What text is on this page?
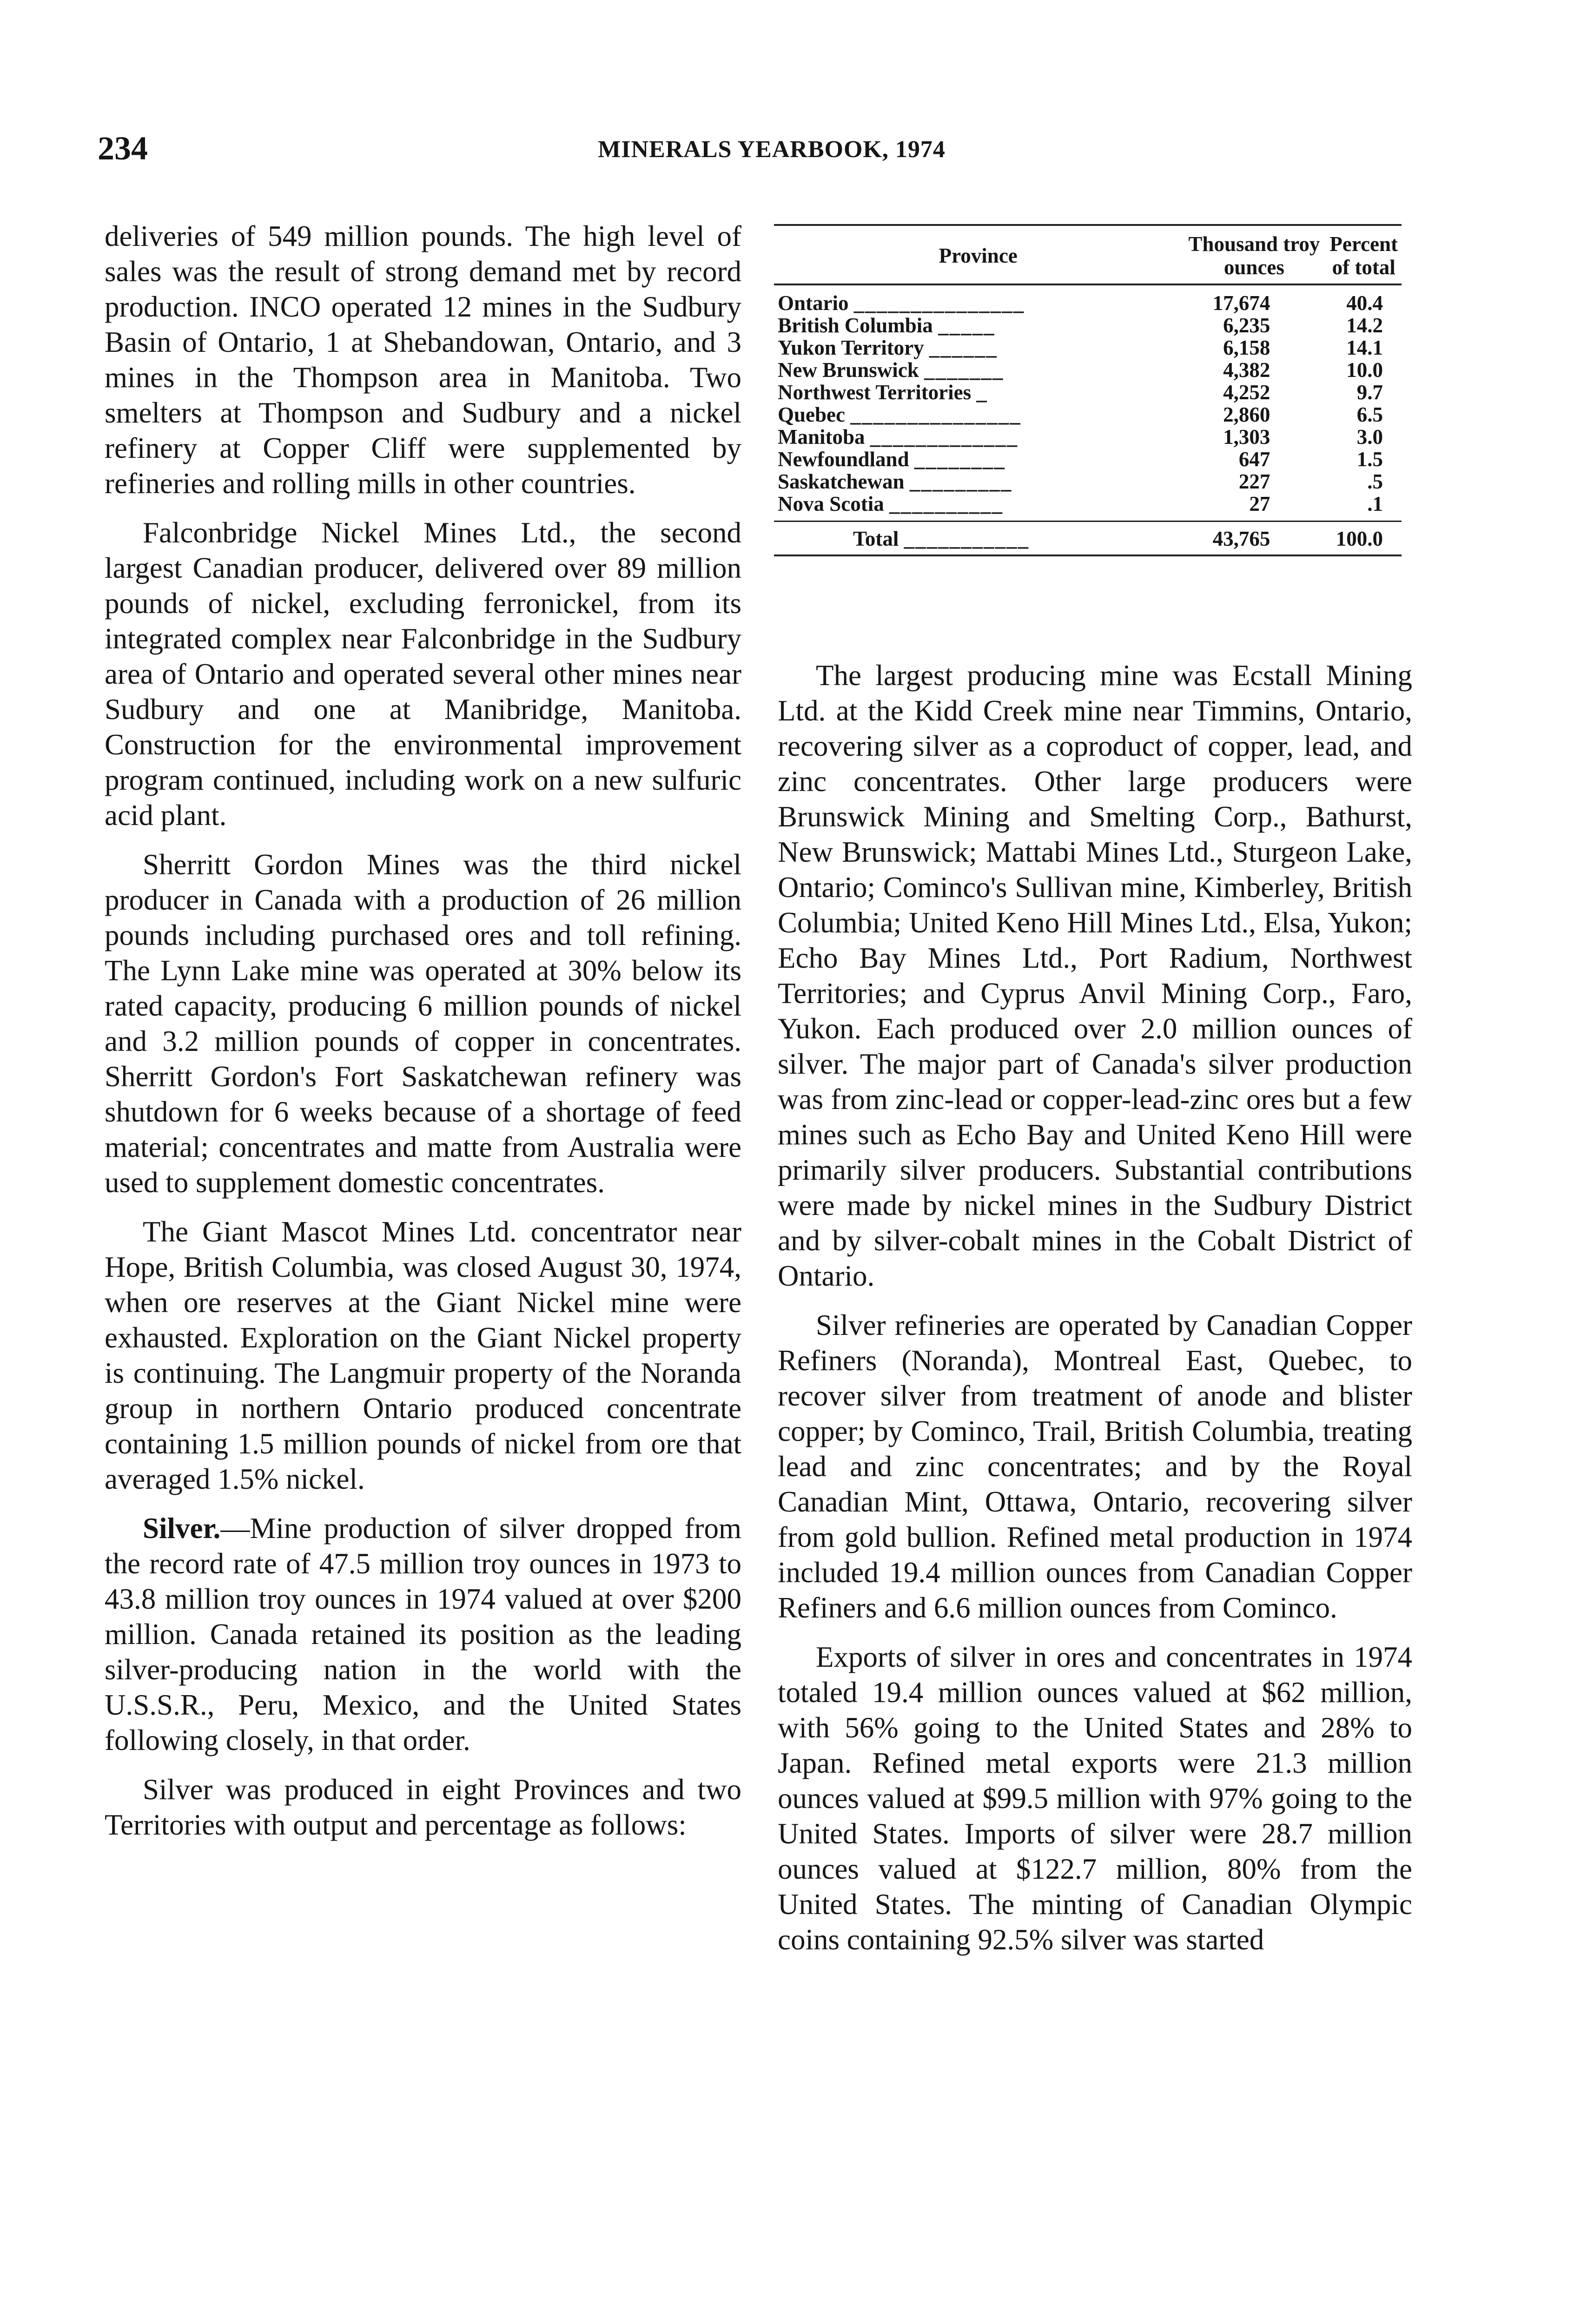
234	MINERALS YEARBOOK, 1974

deliveries of 549 million pounds. The high level of sales was the result of strong demand met by record production. INCO operated 12 mines in the Sudbury Basin of Ontario, 1 at Shebandowan, Ontario, and 3 mines in the Thompson area in Manitoba. Two smelters at Thompson and Sudbury and a nickel refinery at Copper Cliff were supplemented by refineries and rolling mills in other countries.

Falconbridge Nickel Mines Ltd., the second largest Canadian producer, delivered over 89 million pounds of nickel, excluding ferronickel, from its integrated complex near Falconbridge in the Sudbury area of Ontario and operated several other mines near Sudbury and one at Manibridge, Manitoba. Construction for the environmental improvement program continued, including work on a new sulfuric acid plant.

Sherritt Gordon Mines was the third nickel producer in Canada with a production of 26 million pounds including purchased ores and toll refining. The Lynn Lake mine was operated at 30% below its rated capacity, producing 6 million pounds of nickel and 3.2 million pounds of copper in concentrates. Sherritt Gordon's Fort Saskatchewan refinery was shutdown for 6 weeks because of a shortage of feed material; concentrates and matte from Australia were used to supplement domestic concentrates.

The Giant Mascot Mines Ltd. concentrator near Hope, British Columbia, was closed August 30, 1974, when ore reserves at the Giant Nickel mine were exhausted. Exploration on the Giant Nickel property is continuing. The Langmuir property of the Noranda group in northern Ontario produced concentrate containing 1.5 million pounds of nickel from ore that averaged 1.5% nickel.

Silver.—Mine production of silver dropped from the record rate of 47.5 million troy ounces in 1973 to 43.8 million troy ounces in 1974 valued at over $200 million. Canada retained its position as the leading silver-producing nation in the world with the U.S.S.R., Peru, Mexico, and the United States following closely, in that order.

Silver was produced in eight Provinces and two Territories with output and percentage as follows:

Province	Thousand troy ounces	Percent of total
Ontario _______________	17,674	40.4
British Columbia _____	6,235	14.2
Yukon Territory ______	6,158	14.1
New Brunswick _______	4,382	10.0
Northwest Territories _	4,252	9.7
Quebec _______________	2,860	6.5
Manitoba _____________	1,303	3.0
Newfoundland ________	647	1.5
Saskatchewan _________	227	.5
Nova Scotia __________	27	.1
Total ___________	43,765	100.0

The largest producing mine was Ecstall Mining Ltd. at the Kidd Creek mine near Timmins, Ontario, recovering silver as a coproduct of copper, lead, and zinc concentrates. Other large producers were Brunswick Mining and Smelting Corp., Bathurst, New Brunswick; Mattabi Mines Ltd., Sturgeon Lake, Ontario; Cominco's Sullivan mine, Kimberley, British Columbia; United Keno Hill Mines Ltd., Elsa, Yukon; Echo Bay Mines Ltd., Port Radium, Northwest Territories; and Cyprus Anvil Mining Corp., Faro, Yukon. Each produced over 2.0 million ounces of silver. The major part of Canada's silver production was from zinc-lead or copper-lead-zinc ores but a few mines such as Echo Bay and United Keno Hill were primarily silver producers. Substantial contributions were made by nickel mines in the Sudbury District and by silver-cobalt mines in the Cobalt District of Ontario.

Silver refineries are operated by Canadian Copper Refiners (Noranda), Montreal East, Quebec, to recover silver from treatment of anode and blister copper; by Cominco, Trail, British Columbia, treating lead and zinc concentrates; and by the Royal Canadian Mint, Ottawa, Ontario, recovering silver from gold bullion. Refined metal production in 1974 included 19.4 million ounces from Canadian Copper Refiners and 6.6 million ounces from Cominco.

Exports of silver in ores and concentrates in 1974 totaled 19.4 million ounces valued at $62 million, with 56% going to the United States and 28% to Japan. Refined metal exports were 21.3 million ounces valued at $99.5 million with 97% going to the United States. Imports of silver were 28.7 million ounces valued at $122.7 million, 80% from the United States. The minting of Canadian Olympic coins containing 92.5% silver was started
